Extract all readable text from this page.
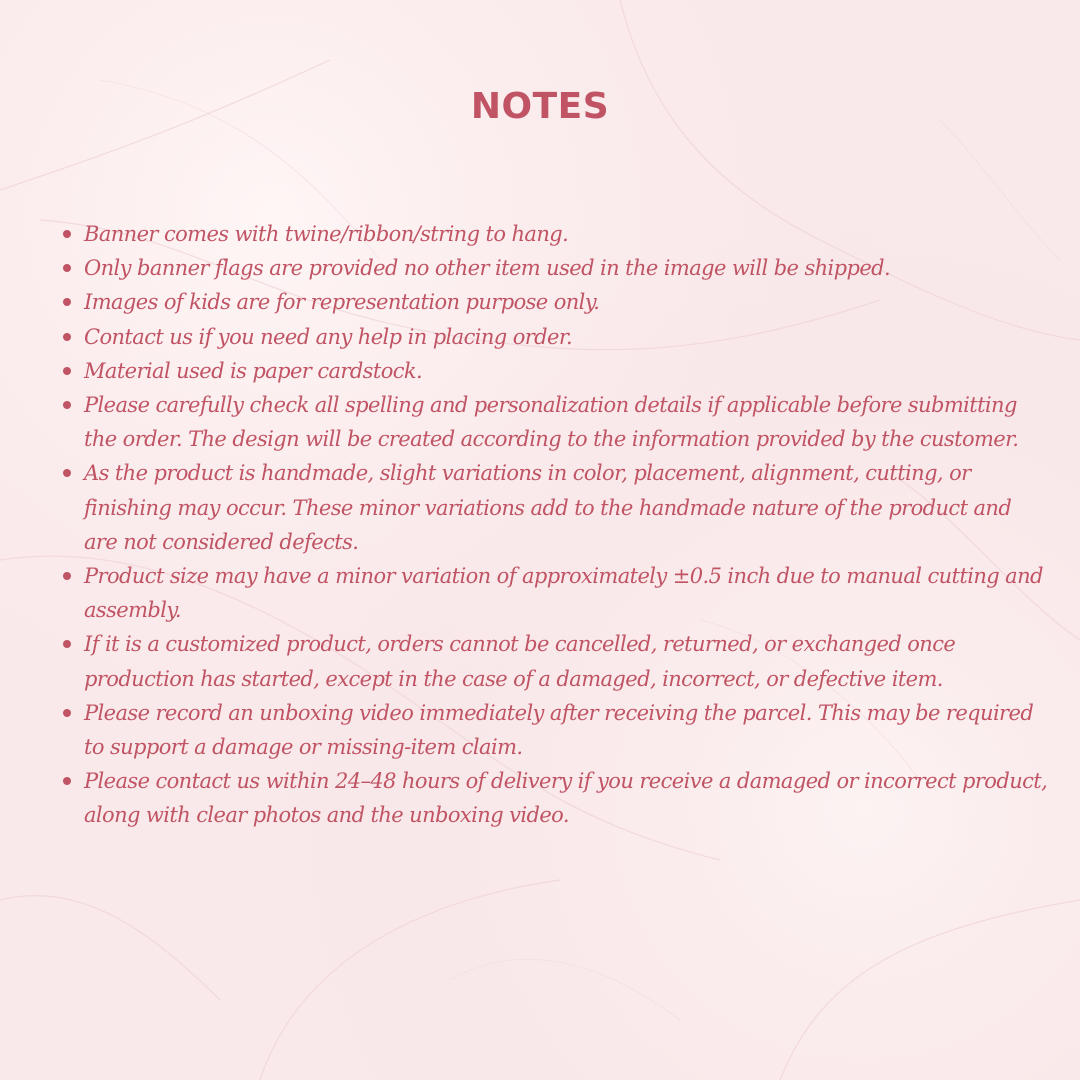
NOTES
Banner comes with twine/ribbon/string to hang.
Only banner flags are provided no other item used in the image will be shipped.
Images of kids are for representation purpose only.
Contact us if you need any help in placing order.
Material used is paper cardstock.
Please carefully check all spelling and personalization details if applicable before submitting the order. The design will be created according to the information provided by the customer.
As the product is handmade, slight variations in color, placement, alignment, cutting, or finishing may occur. These minor variations add to the handmade nature of the product and are not considered defects.
Product size may have a minor variation of approximately ±0.5 inch due to manual cutting and assembly.
If it is a customized product, orders cannot be cancelled, returned, or exchanged once production has started, except in the case of a damaged, incorrect, or defective item.
Please record an unboxing video immediately after receiving the parcel. This may be required to support a damage or missing-item claim.
Please contact us within 24–48 hours of delivery if you receive a damaged or incorrect product, along with clear photos and the unboxing video.
